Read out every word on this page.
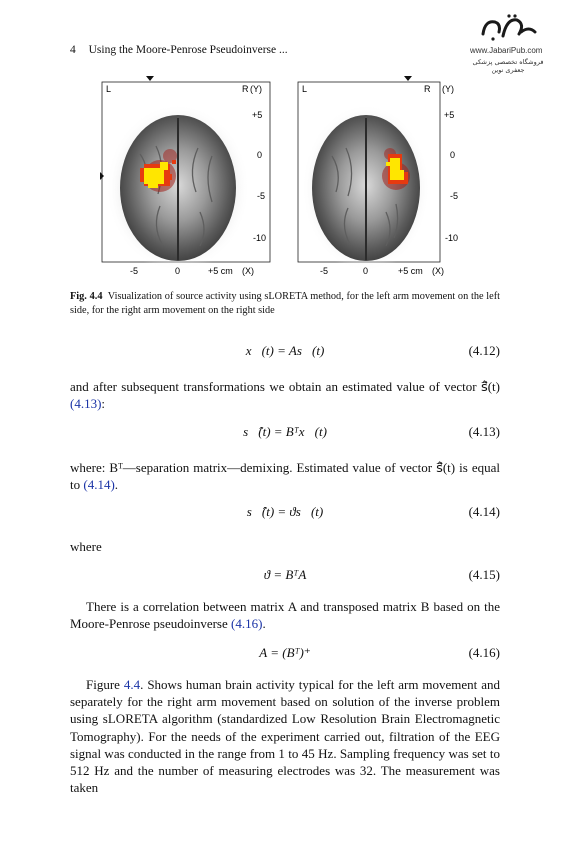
4 Using the Moore-Penrose Pseudoinverse ...	www.JabariPub.com
فروشگاه تخصصی پزشکی جعفری نوین
L	R (Y)
+5
0
-5
-10
-5	0	+5 cm (X)
L	R (Y)
+5
0
-5
-10
-5	0	+5 cm (X)
Fig. 4.4 Visualization of source activity using sLORETA method, for the left arm movement on the left side, for the right arm movement on the right side
x⃗(t) = As⃗(t)	(4.12)
and after subsequent transformations we obtain an estimated value of vector s⃗̂(t) (4.13):
s⃗̂(t) = Bᵀx⃗(t)	(4.13)
where: Bᵀ—separation matrix—demixing. Estimated value of vector s⃗̂(t) is equal to (4.14).
s⃗̂(t) = ϑs⃗(t)	(4.14)
where
ϑ = BᵀA	(4.15)
There is a correlation between matrix A and transposed matrix B based on the Moore-Penrose pseudoinverse (4.16).
A = (Bᵀ)⁺	(4.16)
Figure 4.4. Shows human brain activity typical for the left arm movement and separately for the right arm movement based on solution of the inverse problem using sLORETA algorithm (standardized Low Resolution Brain Electromagnetic Tomography). For the needs of the experiment carried out, filtration of the EEG signal was conducted in the range from 1 to 45 Hz. Sampling frequency was set to 512 Hz and the number of measuring electrodes was 32. The measurement was taken
